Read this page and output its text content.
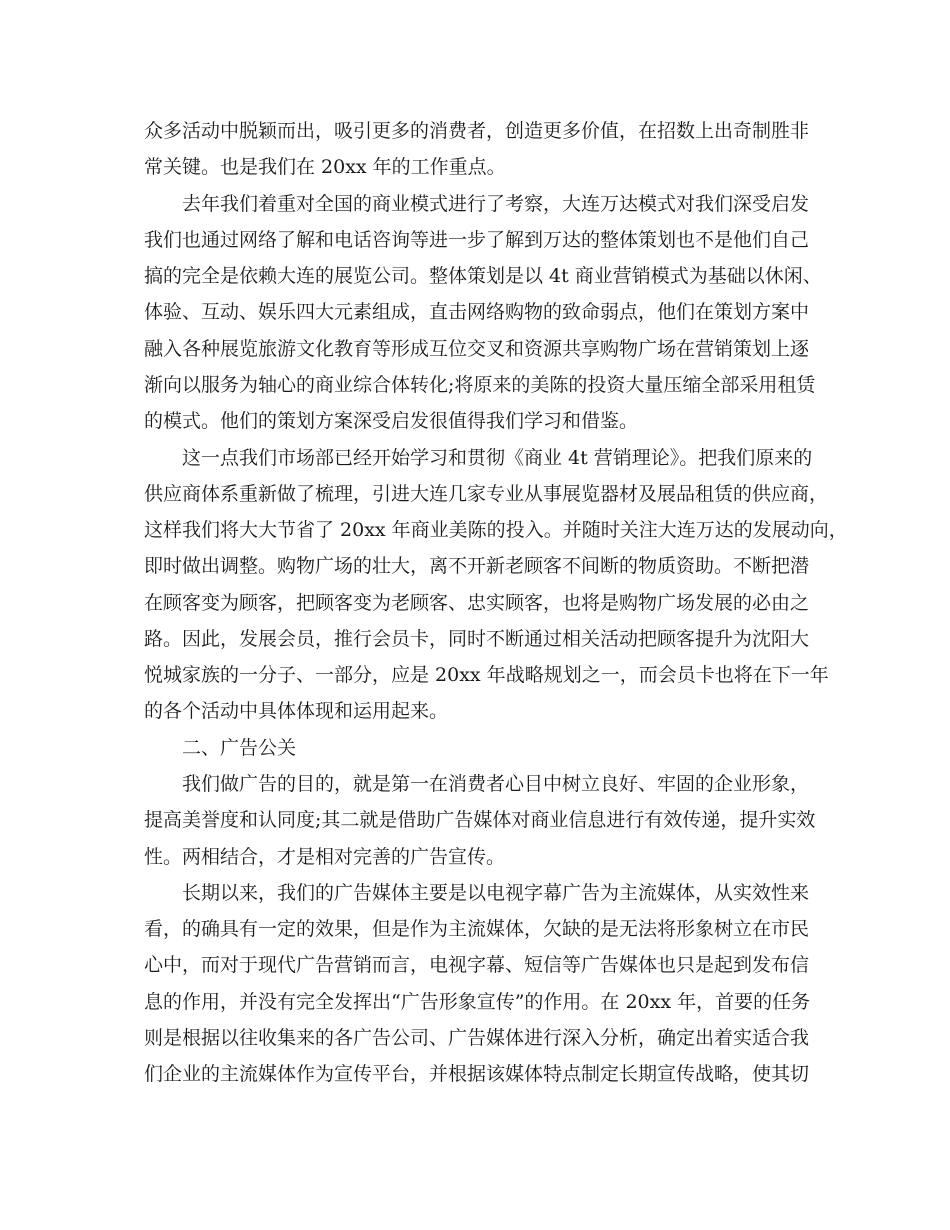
众多活动中脱颖而出，吸引更多的消费者，创造更多价值，在招数上出奇制胜非
常关键。也是我们在 20xx 年的工作重点。
去年我们着重对全国的商业模式进行了考察，大连万达模式对我们深受启发
我们也通过网络了解和电话咨询等进一步了解到万达的整体策划也不是他们自己
搞的完全是依赖大连的展览公司。整体策划是以 4t 商业营销模式为基础以休闲、
体验、互动、娱乐四大元素组成，直击网络购物的致命弱点，他们在策划方案中
融入各种展览旅游文化教育等形成互位交叉和资源共享购物广场在营销策划上逐
渐向以服务为轴心的商业综合体转化;将原来的美陈的投资大量压缩全部采用租赁
的模式。他们的策划方案深受启发很值得我们学习和借鉴。
这一点我们市场部已经开始学习和贯彻《商业 4t 营销理论》。把我们原来的
供应商体系重新做了梳理，引进大连几家专业从事展览器材及展品租赁的供应商，
这样我们将大大节省了 20xx 年商业美陈的投入。并随时关注大连万达的发展动向，
即时做出调整。购物广场的壮大，离不开新老顾客不间断的物质资助。不断把潜
在顾客变为顾客，把顾客变为老顾客、忠实顾客，也将是购物广场发展的必由之
路。因此，发展会员，推行会员卡，同时不断通过相关活动把顾客提升为沈阳大
悦城家族的一分子、一部分，应是 20xx 年战略规划之一，而会员卡也将在下一年
的各个活动中具体体现和运用起来。
二、广告公关
我们做广告的目的，就是第一在消费者心目中树立良好、牢固的企业形象，
提高美誉度和认同度;其二就是借助广告媒体对商业信息进行有效传递，提升实效
性。两相结合，才是相对完善的广告宣传。
长期以来，我们的广告媒体主要是以电视字幕广告为主流媒体，从实效性来
看，的确具有一定的效果，但是作为主流媒体，欠缺的是无法将形象树立在市民
心中，而对于现代广告营销而言，电视字幕、短信等广告媒体也只是起到发布信
息的作用，并没有完全发挥出“广告形象宣传”的作用。在 20xx 年，首要的任务
则是根据以往收集来的各广告公司、广告媒体进行深入分析，确定出着实适合我
们企业的主流媒体作为宣传平台，并根据该媒体特点制定长期宣传战略，使其切
